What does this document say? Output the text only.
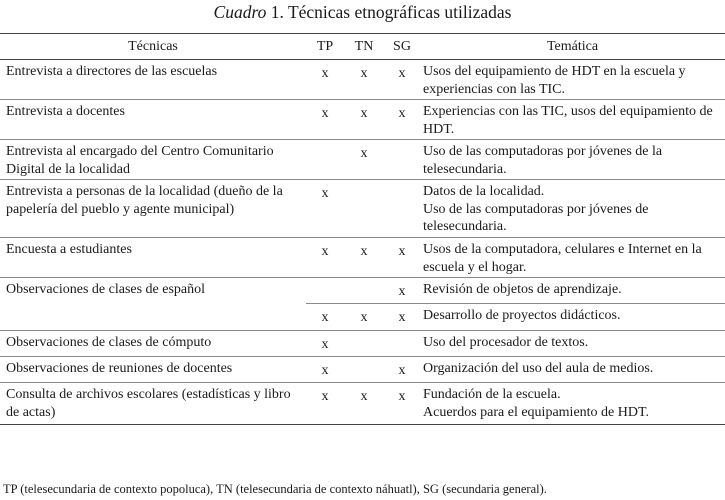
Cuadro 1. Técnicas etnográficas utilizadas
Técnicas	TP	TN	SG	Temática
Entrevista a directores de las escuelas	x	x	x	Usos del equipamiento de HDT en la escuela y experiencias con las TIC.

Entrevista a docentes	x	x	x	Experiencias con las TIC, usos del equipamiento de HDT.

Entrevista al encargado del Centro Comunitario Digital de la localidad		x		Uso de las computadoras por jóvenes de la telesecundaria.

Entrevista a personas de la localidad (dueño de la papelería del pueblo y agente municipal)	x			Datos de la localidad.
Uso de las computadoras por jóvenes de telesecundaria.

Encuesta a estudiantes	x	x	x	Usos de la computadora, celulares e Internet en la escuela y el hogar.

Observaciones de clases de español			x	Revisión de objetos de aprendizaje.

	x	x	x	Desarrollo de proyectos didácticos.

Observaciones de clases de cómputo	x			Uso del procesador de textos.

Observaciones de reuniones de docentes	x		x	Organización del uso del aula de medios.

Consulta de archivos escolares (estadísticas y libro de actas)	x	x	x	Fundación de la escuela.
Acuerdos para el equipamiento de HDT.
TP (telesecundaria de contexto popoluca), TN (telesecundaria de contexto náhuatl), SG (secundaria general).
